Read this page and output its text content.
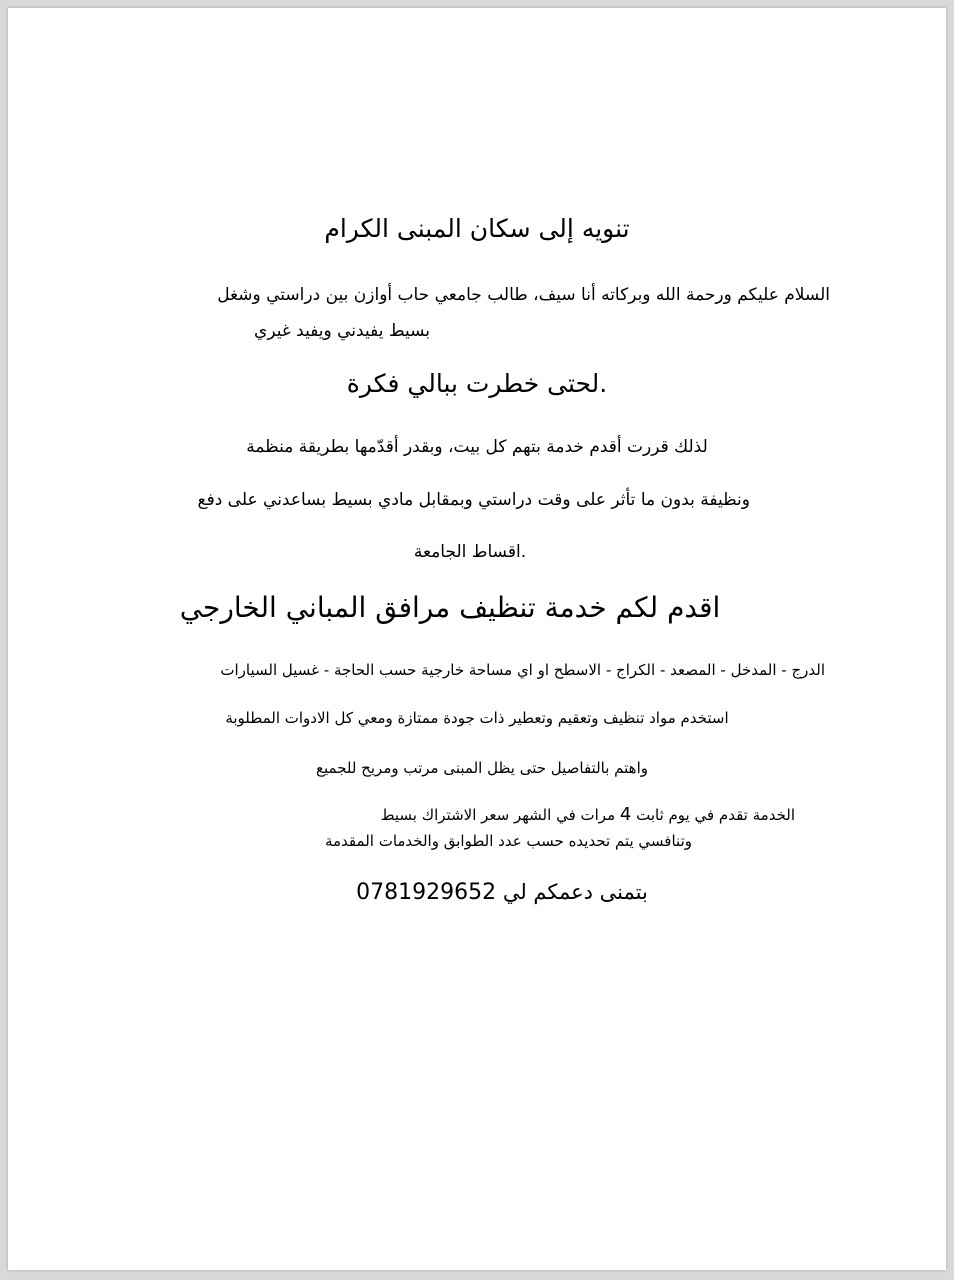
تنويه إلى سكان المبنى الكرام
السلام عليكم ورحمة الله وبركاته أنا سيف، طالب جامعي حاب أوازن بين دراستي وشغل
بسيط يفيدني ويفيد غيري
.لحتى خطرت ببالي فكرة
لذلك قررت أقدم خدمة بتهم كل بيت، وبقدر أقدّمها بطريقة منظمة
ونظيفة بدون ما تأثر على وقت دراستي وبمقابل مادي بسيط بساعدني على دفع
.اقساط الجامعة
اقدم لكم خدمة تنظيف مرافق المباني الخارجي
الدرج - المدخل - المصعد - الكراج - الاسطح او اي مساحة خارجية حسب الحاجة - غسيل السيارات
استخدم مواد تنظيف وتعقيم وتعطير ذات جودة ممتازة ومعي كل الادوات المطلوبة
واهتم بالتفاصيل حتى يظل المبنى مرتب ومريح للجميع
الخدمة تقدم في يوم ثابت 4 مرات في الشهر سعر الاشتراك بسيط
وتنافسي يتم تحديده حسب عدد الطوابق والخدمات المقدمة
بتمنى دعمكم لي 0781929652
